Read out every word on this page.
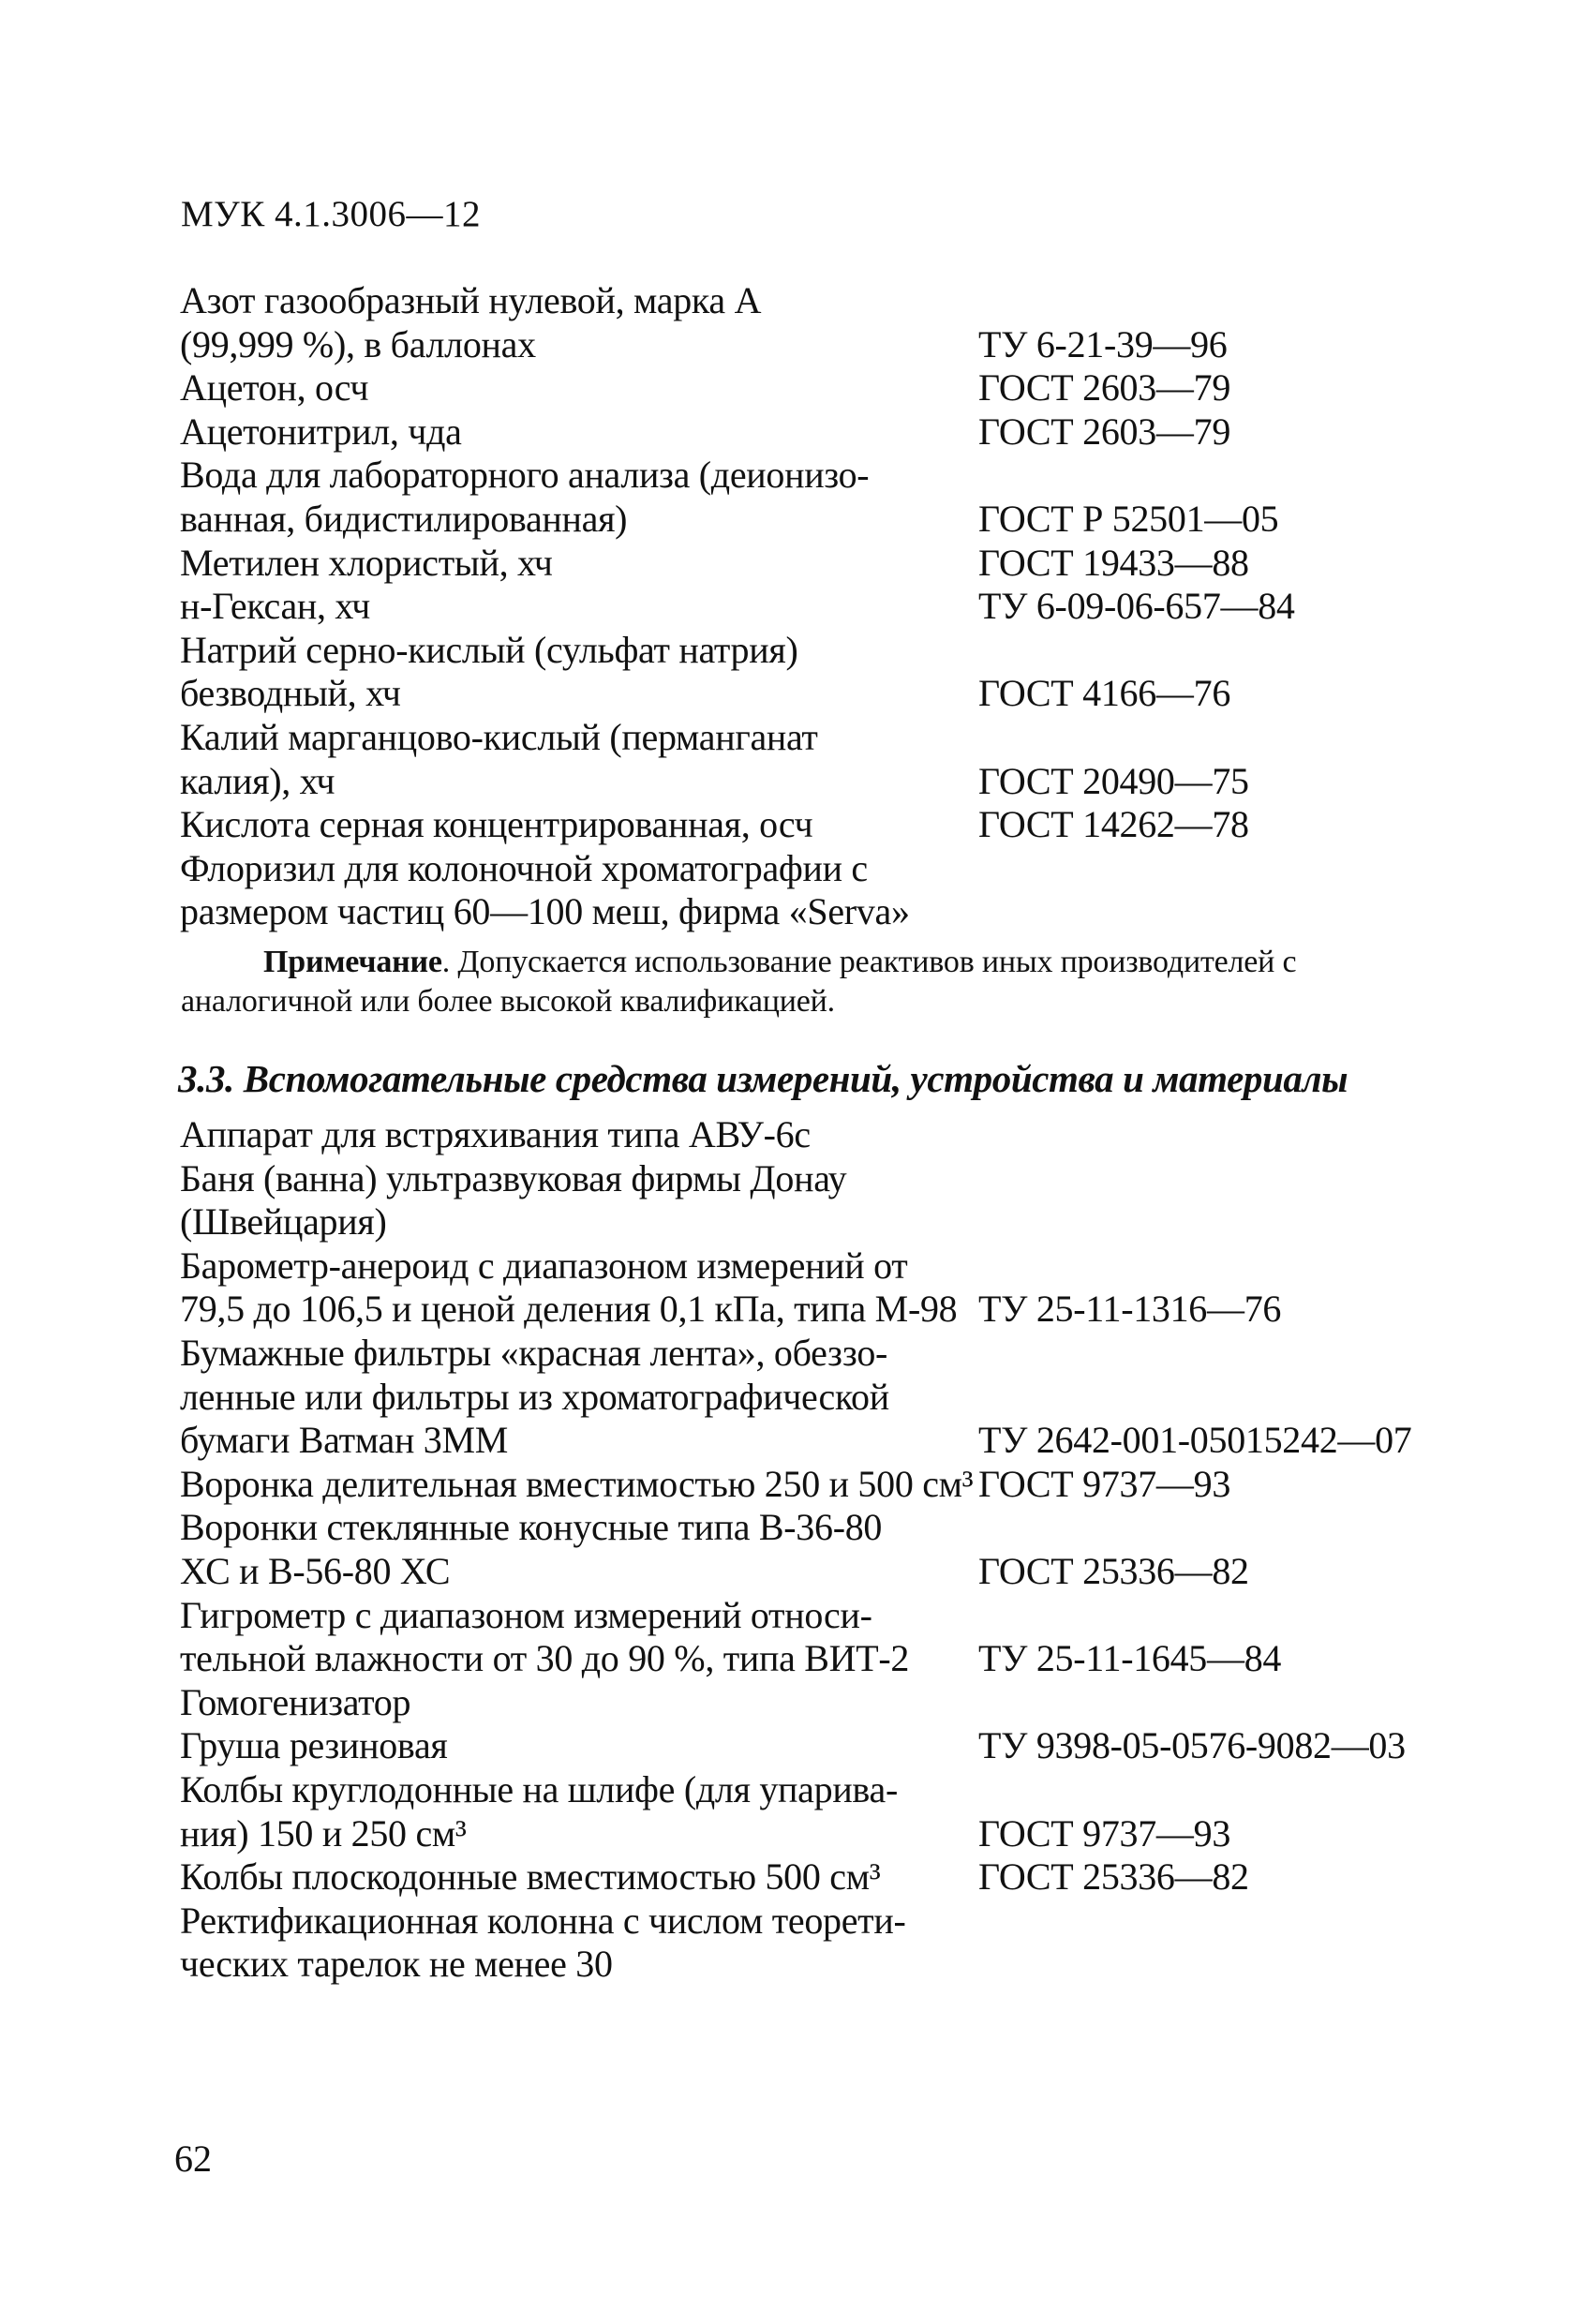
МУК 4.1.3006—12
Азот газообразный нулевой, марка А
(99,999 %), в баллонах	ТУ 6-21-39—96
Ацетон, осч	ГОСТ 2603—79
Ацетонитрил, чда	ГОСТ 2603—79
Вода для лабораторного анализа (деионизо-
ванная, бидистилированная)	ГОСТ Р 52501—05
Метилен хлористый, хч	ГОСТ 19433—88
н-Гексан, хч	ТУ 6-09-06-657—84
Натрий серно-кислый (сульфат натрия)
безводный, хч	ГОСТ 4166—76
Калий марганцово-кислый (перманганат
калия), хч	ГОСТ 20490—75
Кислота серная концентрированная, осч	ГОСТ 14262—78
Флоризил для колоночной хроматографии с
размером частиц 60—100 меш, фирма «Serva»

Примечание. Допускается использование реактивов иных производителей с аналогичной или более высокой квалификацией.

3.3. Вспомогательные средства измерений, устройства и материалы
Аппарат для встряхивания типа АВУ-6с
Баня (ванна) ультразвуковая фирмы Донау
(Швейцария)
Барометр-анероид с диапазоном измерений от
79,5 до 106,5 и ценой деления 0,1 кПа, типа М-98 ТУ 25-11-1316—76
Бумажные фильтры «красная лента», обеззо-
ленные или фильтры из хроматографической
бумаги Ватман 3ММ	ТУ 2642-001-05015242—07
Воронка делительная вместимостью 250 и 500 см³ ГОСТ 9737—93
Воронки стеклянные конусные типа В-36-80
ХС и В-56-80 ХС	ГОСТ 25336—82
Гигрометр с диапазоном измерений относи-
тельной влажности от 30 до 90 %, типа ВИТ-2	ТУ 25-11-1645—84
Гомогенизатор
Груша резиновая	ТУ 9398-05-0576-9082—03
Колбы круглодонные на шлифе (для упарива-
ния) 150 и 250 см³	ГОСТ 9737—93
Колбы плоскодонные вместимостью 500 см³	ГОСТ 25336—82
Ректификационная колонна с числом теорети-
ческих тарелок не менее 30
62
